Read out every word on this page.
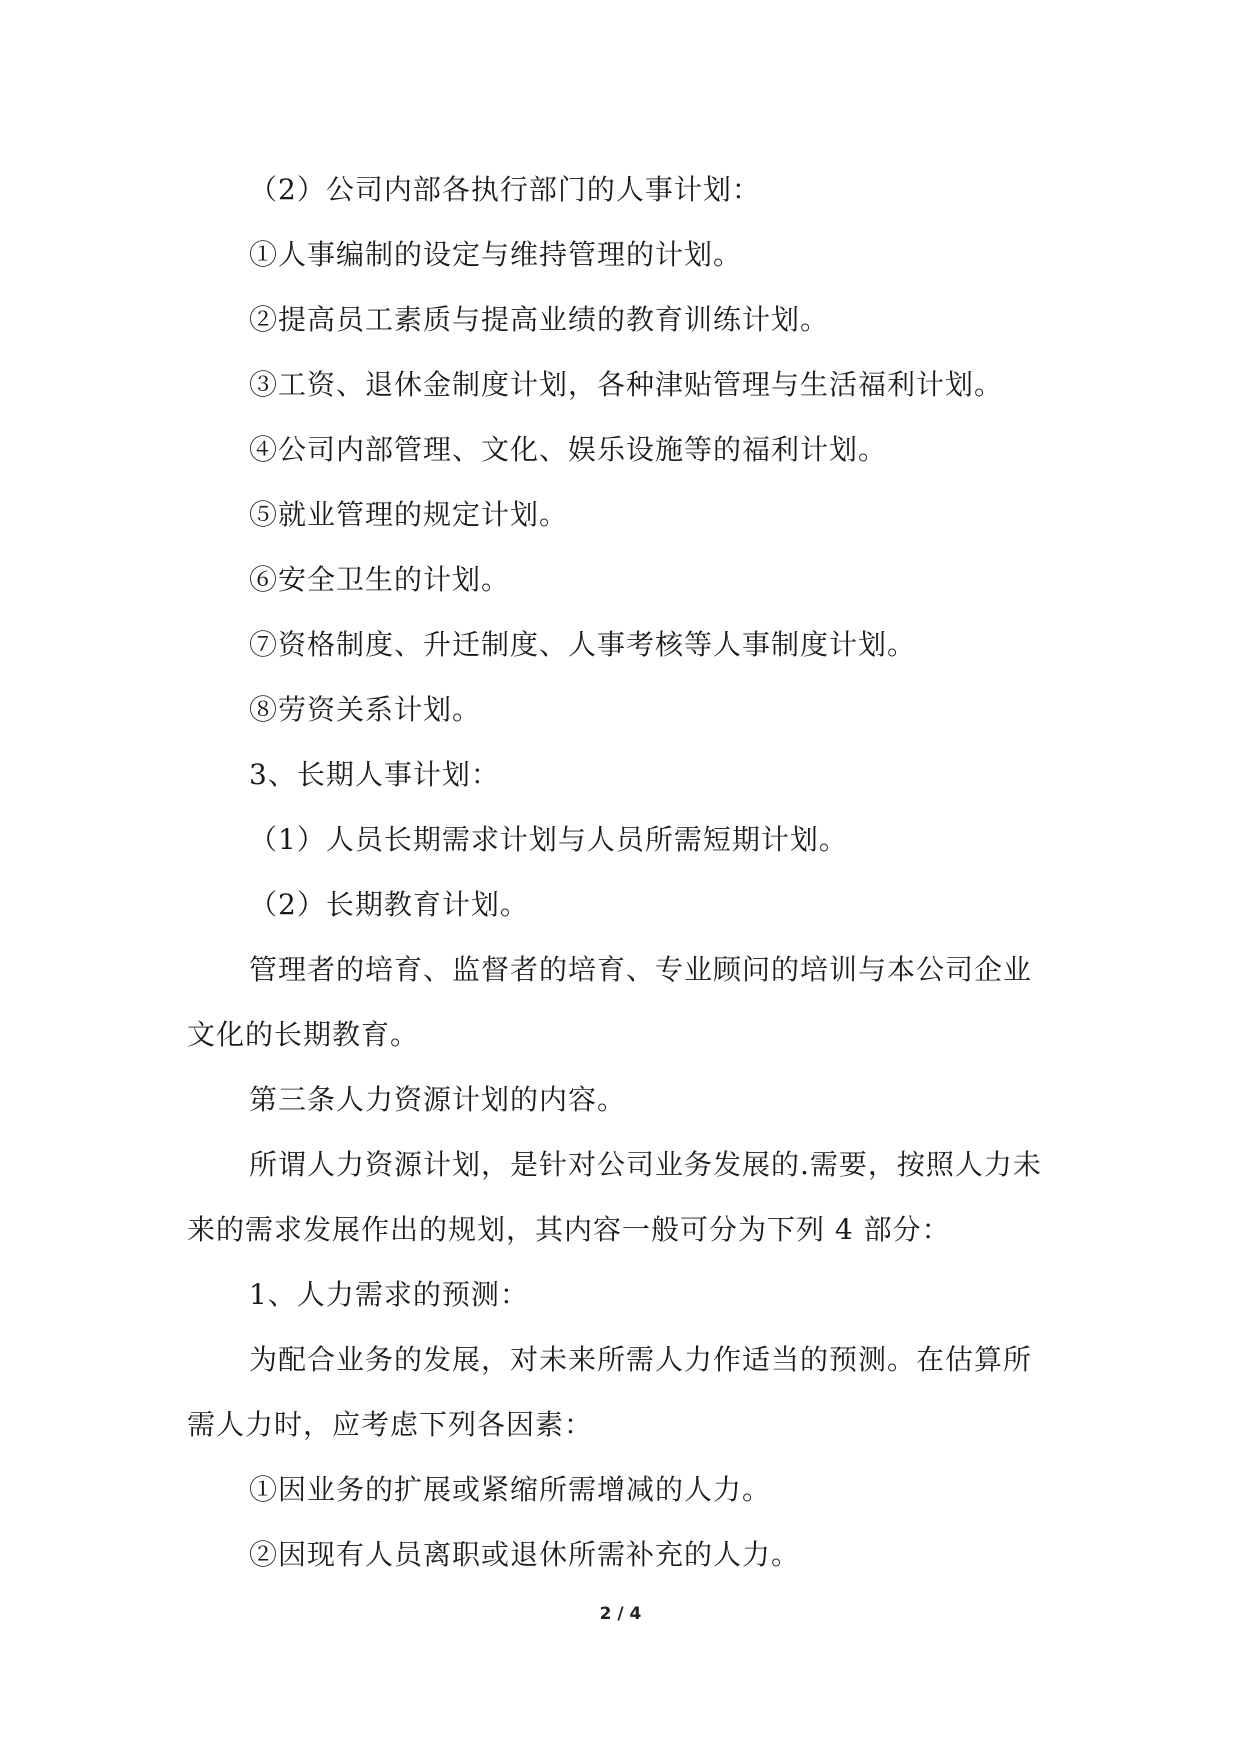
（2）公司内部各执行部门的人事计划：

①人事编制的设定与维持管理的计划。

②提高员工素质与提高业绩的教育训练计划。

③工资、退休金制度计划，各种津贴管理与生活福利计划。

④公司内部管理、文化、娱乐设施等的福利计划。

⑤就业管理的规定计划。

⑥安全卫生的计划。

⑦资格制度、升迁制度、人事考核等人事制度计划。

⑧劳资关系计划。

3、长期人事计划：

（1）人员长期需求计划与人员所需短期计划。

（2）长期教育计划。

管理者的培育、监督者的培育、专业顾问的培训与本公司企业文化的长期教育。

第三条人力资源计划的内容。

所谓人力资源计划，是针对公司业务发展的.需要，按照人力未来的需求发展作出的规划，其内容一般可分为下列 4 部分：

1、人力需求的预测：

为配合业务的发展，对未来所需人力作适当的预测。在估算所需人力时，应考虑下列各因素：

①因业务的扩展或紧缩所需增减的人力。

②因现有人员离职或退休所需补充的人力。

2 / 4
